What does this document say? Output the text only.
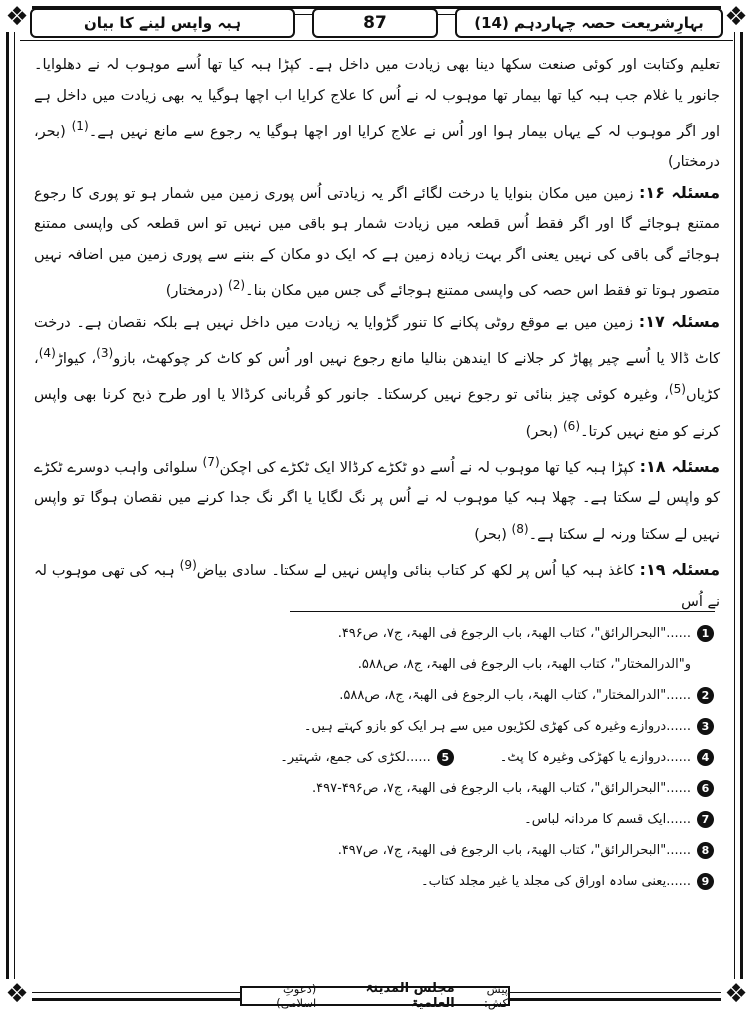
❖	❖
❖	❖
بہارِشریعت حصہ چہاردہم (14)
87
ہبہ واپس لینے کا بیان

تعلیم وکتابت اور کوئی صنعت سکھا دینا بھی زیادت میں داخل ہے۔ کپڑا ہبہ کیا تھا اُسے موہوب لہ نے دھلوایا۔ جانور یا غلام جب ہبہ کیا تھا بیمار تھا موہوب لہ نے اُس کا علاج کرایا اب اچھا ہوگیا یہ بھی زیادت میں داخل ہے اور اگر موہوب لہ کے یہاں بیمار ہوا اور اُس نے علاج کرایا اور اچھا ہوگیا یہ رجوع سے مانع نہیں ہے۔$^{(1)}$ (بحر، درمختار)

مسئلہ ۱۶: زمین میں مکان بنوایا یا درخت لگائے اگر یہ زیادتی اُس پوری زمین میں شمار ہو تو پوری کا رجوع ممتنع ہوجائے گا اور اگر فقط اُس قطعہ میں زیادت شمار ہو باقی میں نہیں تو اس قطعہ کی واپسی ممتنع ہوجائے گی باقی کی نہیں یعنی اگر بہت زیادہ زمین ہے کہ ایک دو مکان کے بننے سے پوری زمین میں اضافہ نہیں متصور ہوتا تو فقط اس حصہ کی واپسی ممتنع ہوجائے گی جس میں مکان بنا۔$^{(2)}$ (درمختار)

مسئلہ ۱۷: زمین میں بے موقع روٹی پکانے کا تنور گڑوایا یہ زیادت میں داخل نہیں ہے بلکہ نقصان ہے۔ درخت کاٹ ڈالا یا اُسے چیر پھاڑ کر جلانے کا ایندھن بنالیا مانع رجوع نہیں اور اُس کو کاٹ کر چوکھٹ، بازو$^{(3)}$، کیواڑ$^{(4)}$، کڑیاں$^{(5)}$، وغیرہ کوئی چیز بنائی تو رجوع نہیں کرسکتا۔ جانور کو قُربانی کرڈالا یا اور طرح ذبح کرنا بھی واپس کرنے کو منع نہیں کرتا۔$^{(6)}$ (بحر)

مسئلہ ۱۸: کپڑا ہبہ کیا تھا موہوب لہ نے اُسے دو ٹکڑے کرڈالا ایک ٹکڑے کی اچکن$^{(7)}$ سلوائی واہب دوسرے ٹکڑے کو واپس لے سکتا ہے۔ چھلا ہبہ کیا موہوب لہ نے اُس پر نگ لگایا یا اگر نگ جدا کرنے میں نقصان ہوگا تو واپس نہیں لے سکتا ورنہ لے سکتا ہے۔$^{(8)}$ (بحر)

مسئلہ ۱۹: کاغذ ہبہ کیا اُس پر لکھ کر کتاب بنائی واپس نہیں لے سکتا۔ سادی بیاض$^{(9)}$ ہبہ کی تھی موہوب لہ نے اُس

1
......"البحرالرائق"، کتاب الھبۃ، باب الرجوع فی الھبۃ، ج۷، ص۴۹۶.
و"الدرالمختار"، کتاب الھبۃ، باب الرجوع فی الھبۃ، ج۸، ص۵۸۸.
2
......"الدرالمختار"، کتاب الھبۃ، باب الرجوع فی الھبۃ، ج۸، ص۵۸۸.
3
......دروازے وغیرہ کی کھڑی لکڑیوں میں سے ہر ایک کو بازو کہتے ہیں۔
4
......دروازے یا کھڑکی وغیرہ کا پٹ۔
5
......لکڑی کی جمع، شہتیر۔
6
......"البحرالرائق"، کتاب الھبۃ، باب الرجوع فی الھبۃ، ج۷، ص۴۹۶-۴۹۷.
7
......ایک قسم کا مردانہ لباس۔
8
......"البحرالرائق"، کتاب الھبۃ، باب الرجوع فی الھبۃ، ج۷، ص۴۹۷.
9
......یعنی سادہ اوراق کی مجلد یا غیر مجلد کتاب۔
پیش کش:
مجلس المدینۃ العلمیۃ
(دعوتِ اسلامی)
